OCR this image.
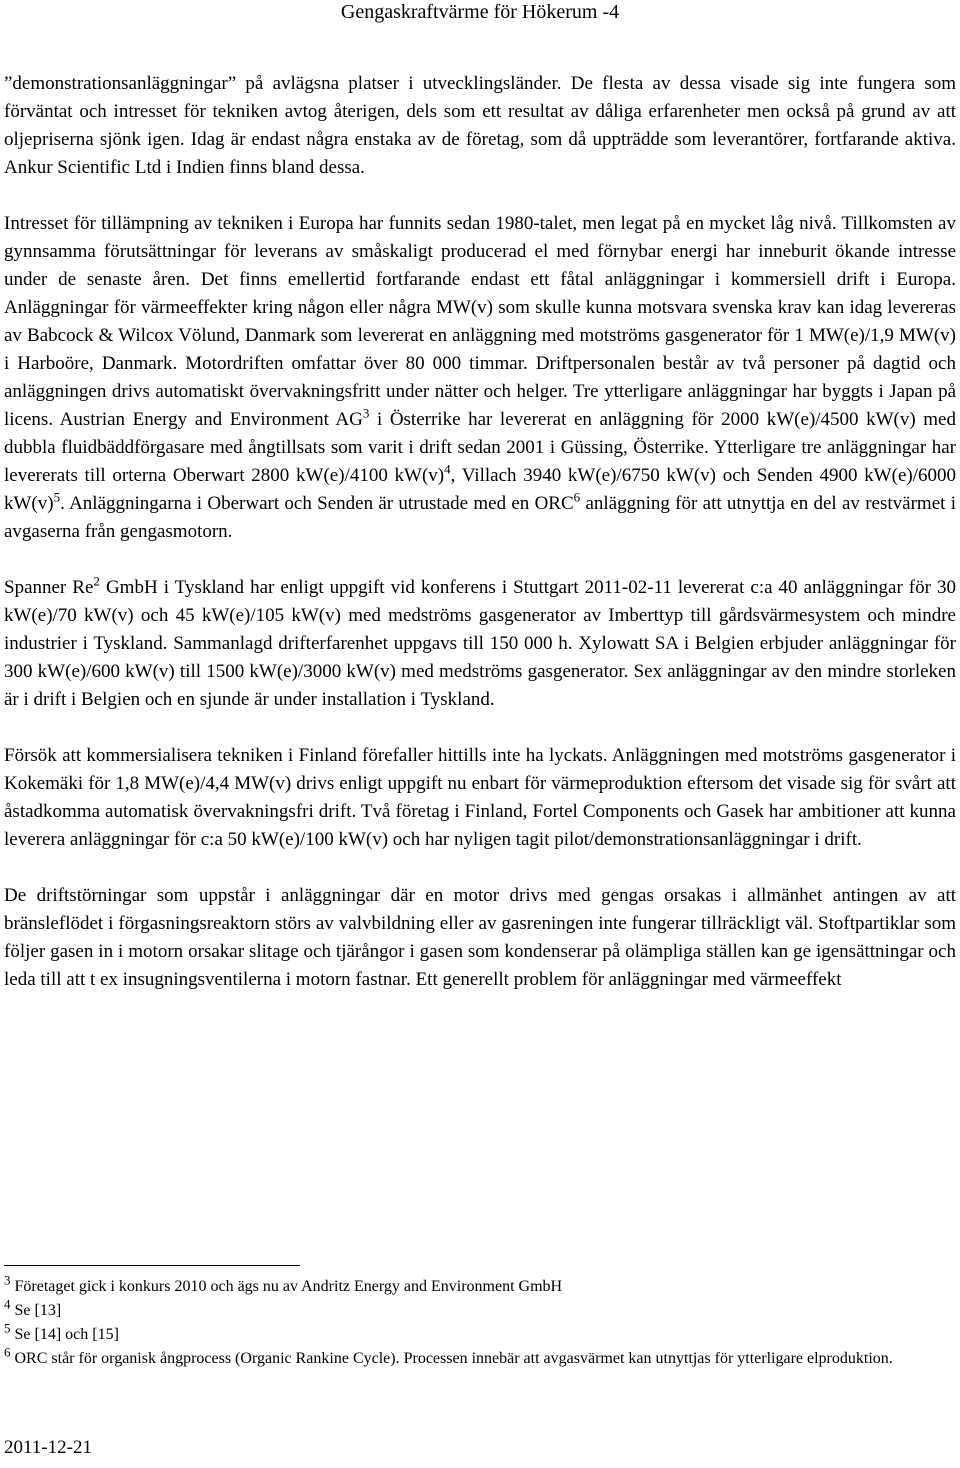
Gengaskraftvärme för Hökerum -4

”demonstrationsanläggningar” på avlägsna platser i utvecklingsländer. De flesta av dessa visade sig inte fungera som förväntat och intresset för tekniken avtog återigen, dels som ett resultat av dåliga erfarenheter men också på grund av att oljepriserna sjönk igen. Idag är endast några enstaka av de företag, som då uppträdde som leverantörer, fortfarande aktiva. Ankur Scientific Ltd i Indien finns bland dessa.

Intresset för tillämpning av tekniken i Europa har funnits sedan 1980-talet, men legat på en mycket låg nivå. Tillkomsten av gynnsamma förutsättningar för leverans av småskaligt producerad el med förnybar energi har inneburit ökande intresse under de senaste åren. Det finns emellertid fortfarande endast ett fåtal anläggningar i kommersiell drift i Europa. Anläggningar för värmeeffekter kring någon eller några MW(v) som skulle kunna motsvara svenska krav kan idag levereras av Babcock & Wilcox Völund, Danmark som levererat en anläggning med motströms gasgenerator för 1 MW(e)/1,9 MW(v) i Harboöre, Danmark. Motordriften omfattar över 80 000 timmar. Driftpersonalen består av två personer på dagtid och anläggningen drivs automatiskt övervakningsfritt under nätter och helger. Tre ytterligare anläggningar har byggts i Japan på licens. Austrian Energy and Environment $AG^3$ i Österrike har levererat en anläggning för 2000 kW(e)/4500 kW(v) med dubbla fluidbäddförgasare med ångtillsats som varit i drift sedan 2001 i Güssing, Österrike. Ytterligare tre anläggningar har levererats till orterna Oberwart 2800 kW(e)/4100 $kW(v)^4$, Villach 3940 kW(e)/6750 kW(v) och Senden 4900 kW(e)/6000 $kW(v)^5$. Anläggningarna i Oberwart och Senden är utrustade med en ORC$^6$ anläggning för att utnyttja en del av restvärmet i avgaserna från gengasmotorn.

Spanner Re$^2$ GmbH i Tyskland har enligt uppgift vid konferens i Stuttgart 2011-02-11 levererat c:a 40 anläggningar för 30 kW(e)/70 kW(v) och 45 kW(e)/105 kW(v) med medströms gasgenerator av Imberttyp till gårdsvärmesystem och mindre industrier i Tyskland. Sammanlagd drifterfarenhet uppgavs till 150 000 h. Xylowatt SA i Belgien erbjuder anläggningar för 300 kW(e)/600 kW(v) till 1500 kW(e)/3000 kW(v) med medströms gasgenerator. Sex anläggningar av den mindre storleken är i drift i Belgien och en sjunde är under installation i Tyskland.

Försök att kommersialisera tekniken i Finland förefaller hittills inte ha lyckats. Anläggningen med motströms gasgenerator i Kokemäki för 1,8 MW(e)/4,4 MW(v) drivs enligt uppgift nu enbart för värmeproduktion eftersom det visade sig för svårt att åstadkomma automatisk övervakningsfri drift. Två företag i Finland, Fortel Components och Gasek har ambitioner att kunna leverera anläggningar för c:a 50 kW(e)/100 kW(v) och har nyligen tagit pilot/demonstrationsanläggningar i drift.

De driftstörningar som uppstår i anläggningar där en motor drivs med gengas orsakas i allmänhet antingen av att bränsleflödet i förgasningsreaktorn störs av valvbildning eller av gasreningen inte fungerar tillräckligt väl. Stoftpartiklar som följer gasen in i motorn orsakar slitage och tjärångor i gasen som kondenserar på olämpliga ställen kan ge igensättningar och leda till att t ex insugningsventilerna i motorn fastnar. Ett generellt problem för anläggningar med värmeeffekt

$^3$ Företaget gick i konkurs 2010 och ägs nu av Andritz Energy and Environment GmbH

$^4$ Se [13]

$^5$ Se [14] och [15]

$^6$ ORC står för organisk ångprocess (Organic Rankine Cycle). Processen innebär att avgasvärmet kan utnyttjas för ytterligare elproduktion.

2011-12-21
